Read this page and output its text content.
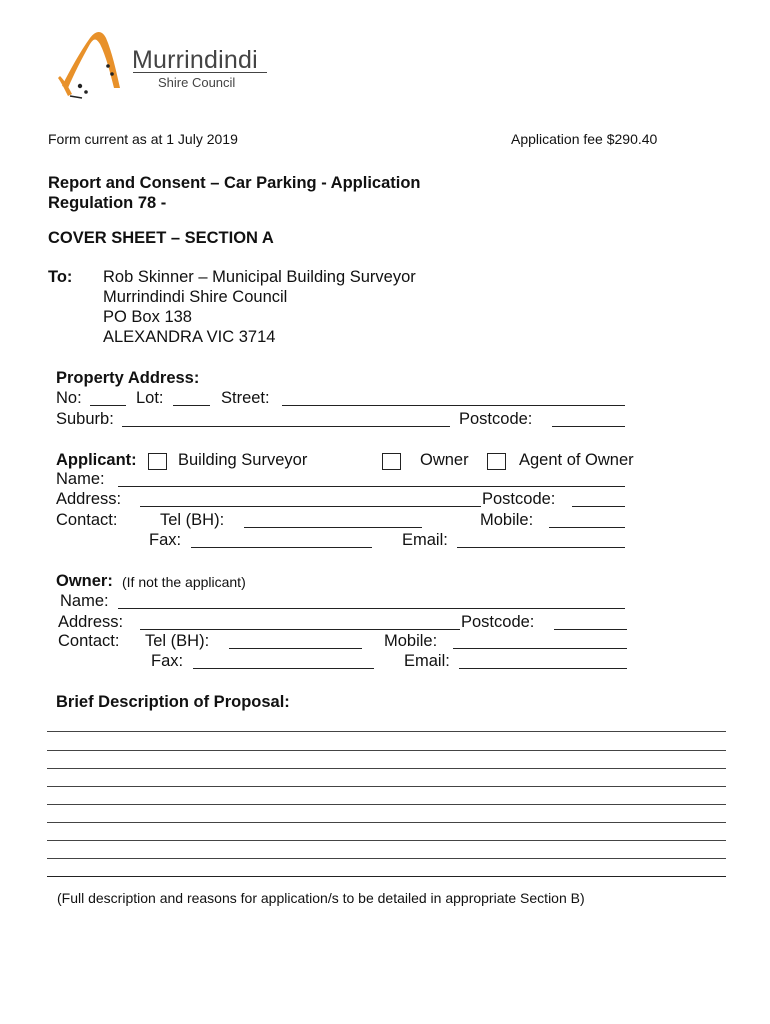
Murrindindi
Shire Council
Form current as at 1 July 2019	Application fee $290.40
Report and Consent – Car Parking - Application
Regulation 78 -
COVER SHEET – SECTION A
To: Rob Skinner – Municipal Building Surveyor
Murrindindi Shire Council
PO Box 138
ALEXANDRA VIC 3714
Property Address:
No:	Lot:	Street:
Suburb:	Postcode:
Applicant:	Building Surveyor	Owner	Agent of Owner
Name:
Address:	Postcode:
Contact:	Tel (BH):	Mobile:
Fax:	Email:
Owner: (If not the applicant)
Name:
Address:	Postcode:
Contact: Tel (BH):	Mobile:
Fax:	Email:
Brief Description of Proposal:
(Full description and reasons for application/s to be detailed in appropriate Section B)
